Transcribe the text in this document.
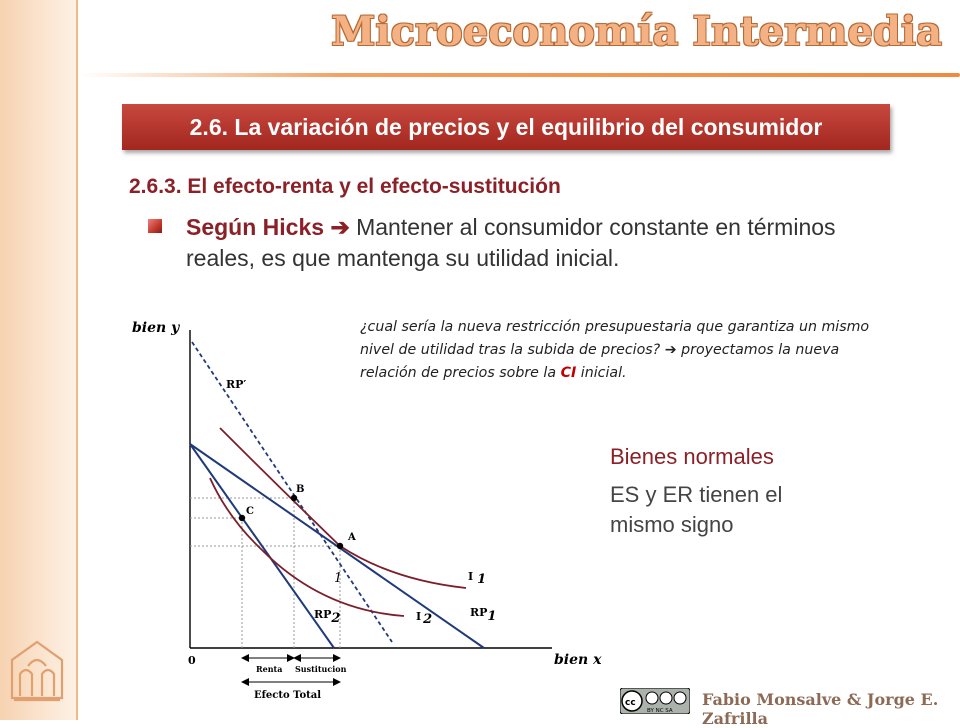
Microeconomía Intermedia
2.6. La variación de precios y el equilibrio del consumidor
2.6.3. El efecto-renta y el efecto-sustitución
Según Hicks ➔ Mantener al consumidor constante en términos reales, es que mantenga su utilidad inicial.
¿cual sería la nueva restricción presupuestaria que garantiza un mismo nivel de utilidad tras la subida de precios? ➔ proyectamos la nueva relación de precios sobre la CI inicial.
Bienes normales
ES y ER tienen el mismo signo
bien y
bien x
0
A
B
C
RP′
RP1
RP2
I 1
I 2
1
Renta Sustitucion
Efecto Total
cc
BY NC SA
Fabio Monsalve & Jorge E. Zafrilla
